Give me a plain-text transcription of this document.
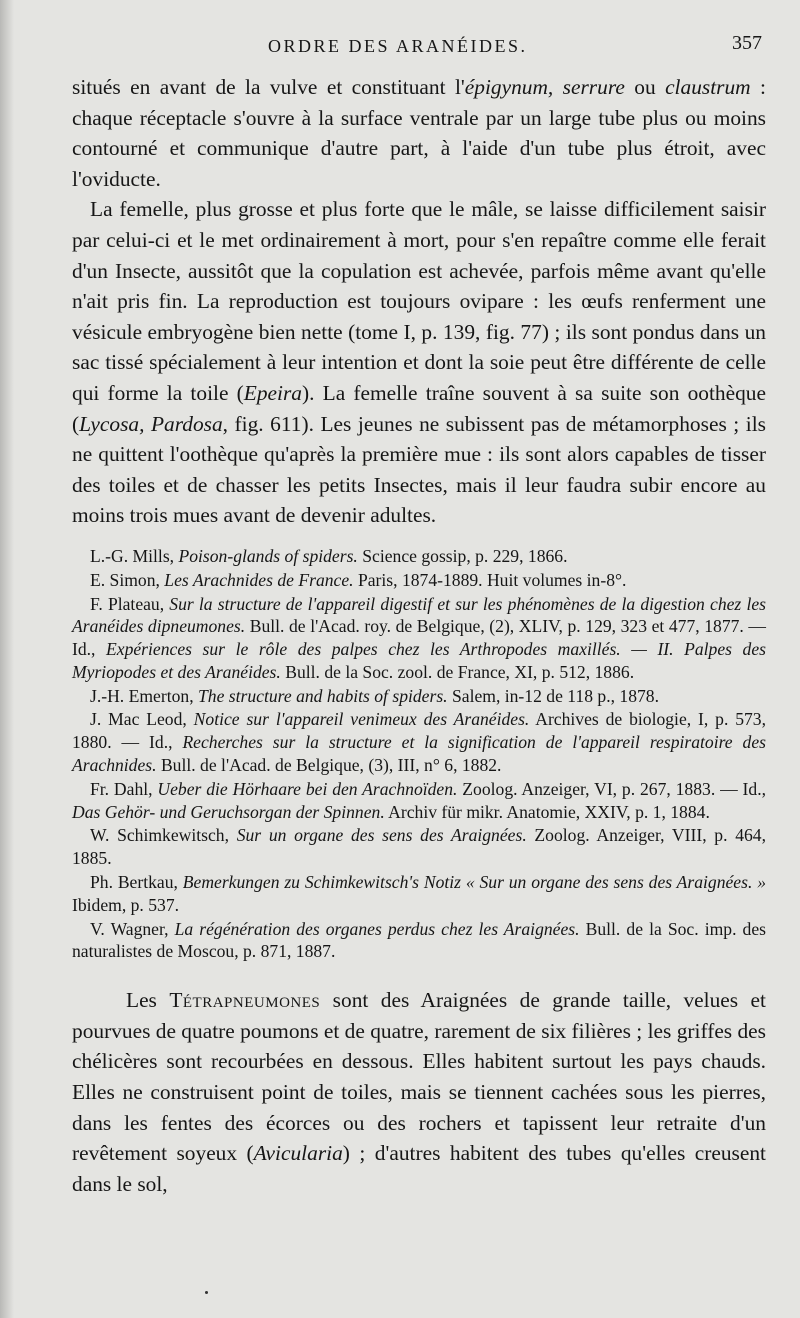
ORDRE DES ARANÉIDES.	357

situés en avant de la vulve et constituant l'épigynum, serrure ou claustrum : chaque réceptacle s'ouvre à la surface ventrale par un large tube plus ou moins contourné et communique d'autre part, à l'aide d'un tube plus étroit, avec l'oviducte.

La femelle, plus grosse et plus forte que le mâle, se laisse difficilement saisir par celui-ci et le met ordinairement à mort, pour s'en repaître comme elle ferait d'un Insecte, aussitôt que la copulation est achevée, parfois même avant qu'elle n'ait pris fin. La reproduction est toujours ovipare : les œufs renferment une vésicule embryogène bien nette (tome I, p. 139, fig. 77) ; ils sont pondus dans un sac tissé spécialement à leur intention et dont la soie peut être différente de celle qui forme la toile (Epeira). La femelle traîne souvent à sa suite son oothèque (Lycosa, Pardosa, fig. 611). Les jeunes ne subissent pas de métamorphoses ; ils ne quittent l'oothèque qu'après la première mue : ils sont alors capables de tisser des toiles et de chasser les petits Insectes, mais il leur faudra subir encore au moins trois mues avant de devenir adultes.

L.-G. Mills, Poison-glands of spiders. Science gossip, p. 229, 1866.

E. Simon, Les Arachnides de France. Paris, 1874-1889. Huit volumes in-8°.

F. Plateau, Sur la structure de l'appareil digestif et sur les phénomènes de la digestion chez les Aranéides dipneumones. Bull. de l'Acad. roy. de Belgique, (2), XLIV, p. 129, 323 et 477, 1877. — Id., Expériences sur le rôle des palpes chez les Arthropodes maxillés. — II. Palpes des Myriopodes et des Aranéides. Bull. de la Soc. zool. de France, XI, p. 512, 1886.

J.-H. Emerton, The structure and habits of spiders. Salem, in-12 de 118 p., 1878.

J. Mac Leod, Notice sur l'appareil venimeux des Aranéides. Archives de biologie, I, p. 573, 1880. — Id., Recherches sur la structure et la signification de l'appareil respiratoire des Arachnides. Bull. de l'Acad. de Belgique, (3), III, n° 6, 1882.

Fr. Dahl, Ueber die Hörhaare bei den Arachnoïden. Zoolog. Anzeiger, VI, p. 267, 1883. — Id., Das Gehör- und Geruchsorgan der Spinnen. Archiv für mikr. Anatomie, XXIV, p. 1, 1884.

W. Schimkewitsch, Sur un organe des sens des Araignées. Zoolog. Anzeiger, VIII, p. 464, 1885.

Ph. Bertkau, Bemerkungen zu Schimkewitsch's Notiz « Sur un organe des sens des Araignées. » Ibidem, p. 537.

V. Wagner, La régénération des organes perdus chez les Araignées. Bull. de la Soc. imp. des naturalistes de Moscou, p. 871, 1887.

Les Tétrapneumones sont des Araignées de grande taille, velues et pourvues de quatre poumons et de quatre, rarement de six filières ; les griffes des chélicères sont recourbées en dessous. Elles habitent surtout les pays chauds. Elles ne construisent point de toiles, mais se tiennent cachées sous les pierres, dans les fentes des écorces ou des rochers et tapissent leur retraite d'un revêtement soyeux (Avicularia) ; d'autres habitent des tubes qu'elles creusent dans le sol,
